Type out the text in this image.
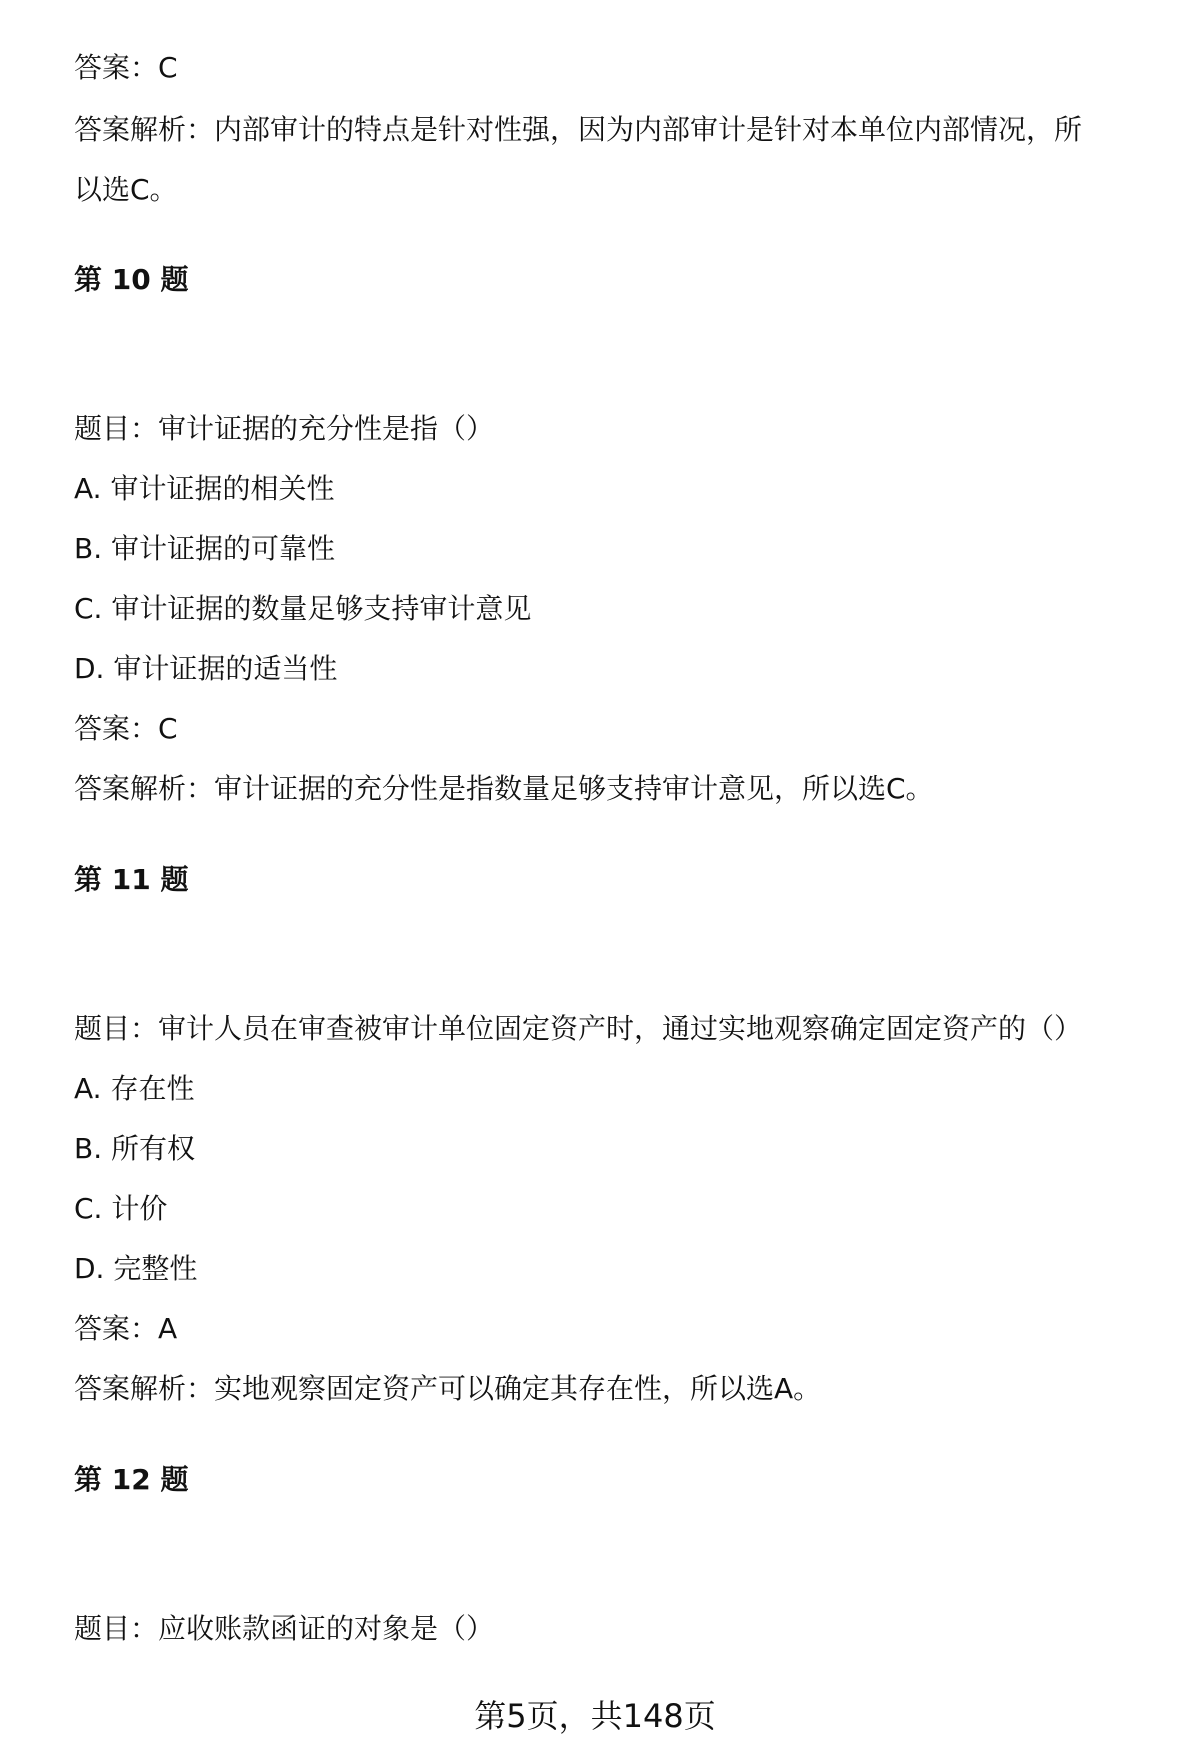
答案：C
答案解析：内部审计的特点是针对性强，因为内部审计是针对本单位内部情况，所
以选C。
第 10 题
题目：审计证据的充分性是指（）
A. 审计证据的相关性
B. 审计证据的可靠性
C. 审计证据的数量足够支持审计意见
D. 审计证据的适当性
答案：C
答案解析：审计证据的充分性是指数量足够支持审计意见，所以选C。
第 11 题
题目：审计人员在审查被审计单位固定资产时，通过实地观察确定固定资产的（）
A. 存在性
B. 所有权
C. 计价
D. 完整性
答案：A
答案解析：实地观察固定资产可以确定其存在性，所以选A。
第 12 题
题目：应收账款函证的对象是（）
第5页，共148页
